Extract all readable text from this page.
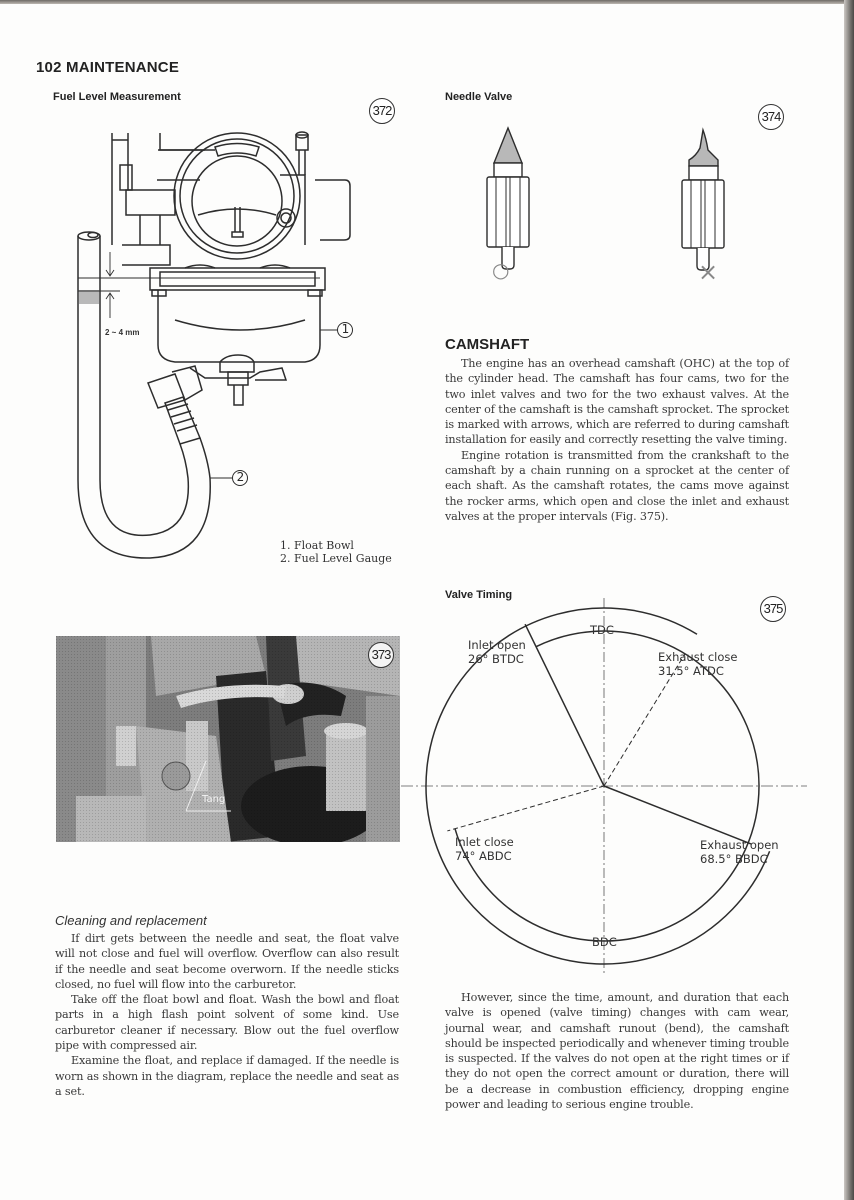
102 MAINTENANCE
Fuel Level Measurement
372
1
2
2 ~ 4 mm
1. Float Bowl
2. Fuel Level Gauge
Tang
373
Cleaning and replacement

If dirt gets between the needle and seat, the float valve will not close and fuel will overflow. Overflow can also result if the needle and seat become overworn. If the needle sticks closed, no fuel will flow into the carburetor.

Take off the float bowl and float. Wash the bowl and float parts in a high flash point solvent of some kind. Use carburetor cleaner if necessary. Blow out the fuel overflow pipe with compressed air.

Examine the float, and replace if damaged. If the needle is worn as shown in the diagram, replace the needle and seat as a set.

Needle Valve
374
○	×
CAMSHAFT

The engine has an overhead camshaft (OHC) at the top of the cylinder head. The camshaft has four cams, two for the two inlet valves and two for the two exhaust valves. At the center of the camshaft is the camshaft sprocket. The sprocket is marked with arrows, which are referred to during camshaft installation for easily and correctly resetting the valve timing.

Engine rotation is transmitted from the crankshaft to the camshaft by a chain running on a sprocket at the center of each shaft. As the camshaft rotates, the cams move against the rocker arms, which open and close the inlet and exhaust valves at the proper intervals (Fig. 375).

Valve Timing
375
TDC
BDC
Inlet open
26° BTDC	Exhaust close
31.5° ATDC
Inlet close
74° ABDC
Exhaust open
68.5° BBDC

However, since the time, amount, and duration that each valve is opened (valve timing) changes with cam wear, journal wear, and camshaft runout (bend), the camshaft should be inspected periodically and whenever timing trouble is suspected. If the valves do not open at the right times or if they do not open the correct amount or duration, there will be a decrease in combustion efficiency, dropping engine power and leading to serious engine trouble.
